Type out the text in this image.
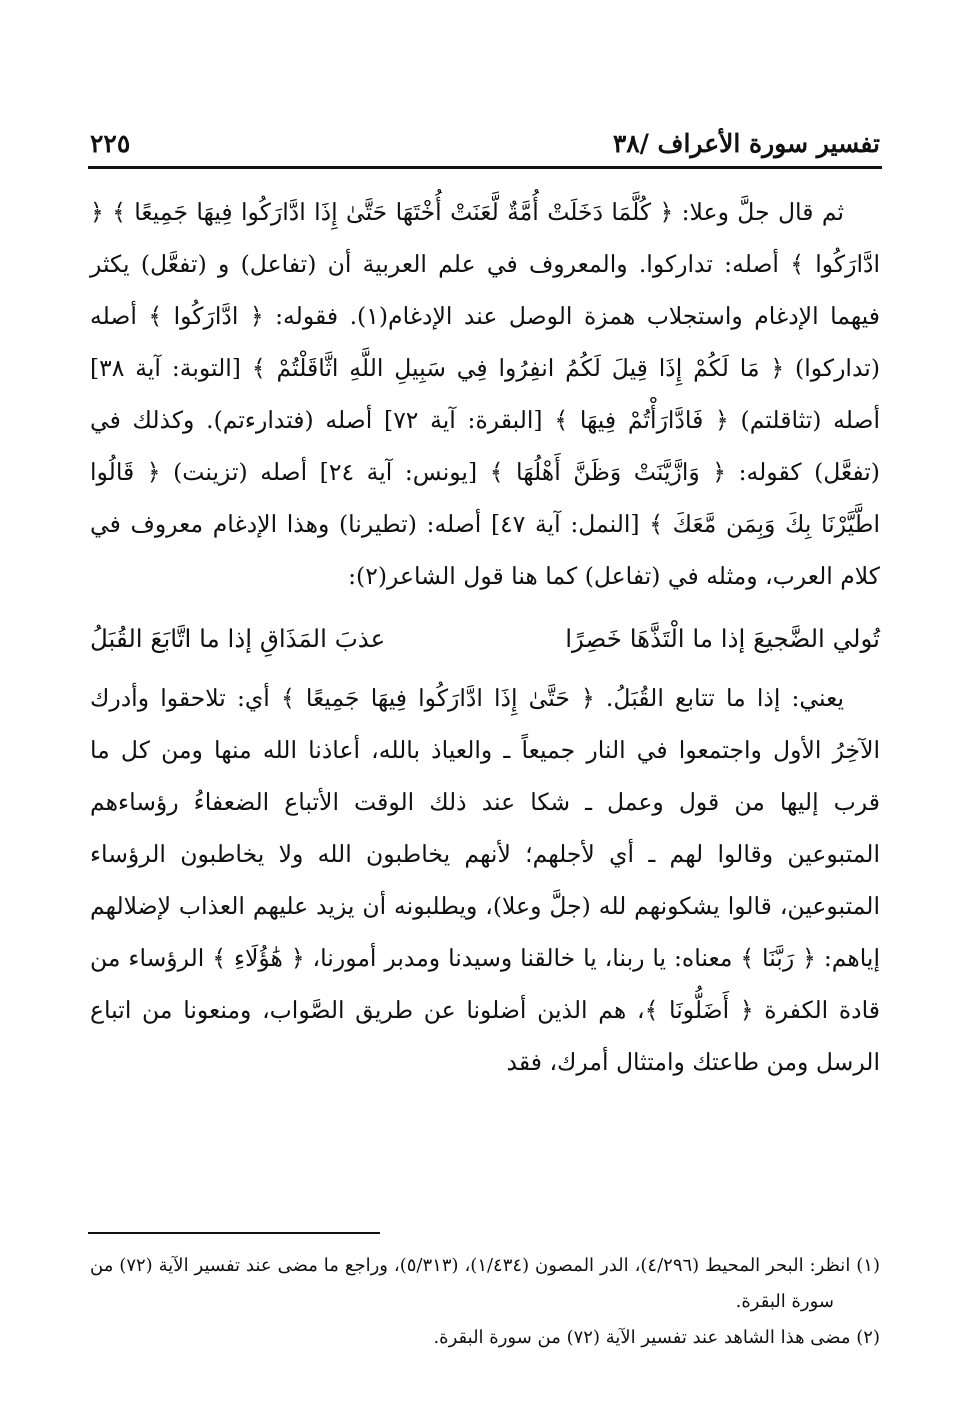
تفسير سورة الأعراف /٣٨
٢٢٥

ثم قال جلَّ وعلا: ﴿ كُلَّمَا دَخَلَتْ أُمَّةٌ لَّعَنَتْ أُخْتَهَا حَتَّىٰ إِذَا ادَّارَكُوا فِيهَا جَمِيعًا ﴾ ﴿ ادَّارَكُوا ﴾ أصله: تداركوا. والمعروف في علم العربية أن (تفاعل) و (تفعَّل) يكثر فيهما الإدغام واستجلاب همزة الوصل عند الإدغام(١). فقوله: ﴿ ادَّارَكُوا ﴾ أصله (تداركوا) ﴿ مَا لَكُمْ إِذَا قِيلَ لَكُمُ انفِرُوا فِي سَبِيلِ اللَّهِ اثَّاقَلْتُمْ ﴾ [التوبة: آية ٣٨] أصله (تثاقلتم) ﴿ فَادَّارَأْتُمْ فِيهَا ﴾ [البقرة: آية ٧٢] أصله (فتدارءتم). وكذلك في (تفعَّل) كقوله: ﴿ وَازَّيَّنَتْ وَظَنَّ أَهْلُهَا ﴾ [يونس: آية ٢٤] أصله (تزينت) ﴿ قَالُوا اطَّيَّرْنَا بِكَ وَبِمَن مَّعَكَ ﴾ [النمل: آية ٤٧] أصله: (تطيرنا) وهذا الإدغام معروف في كلام العرب، ومثله في (تفاعل) كما هنا قول الشاعر(٢):

تُولي الضَّجيعَ إذا ما الْتَذَّهَا خَصِرًا
عذبَ المَذَاقِ إذا ما اتَّابَعَ القُبَلُ

يعني: إذا ما تتابع القُبَلُ. ﴿ حَتَّىٰ إِذَا ادَّارَكُوا فِيهَا جَمِيعًا ﴾ أي: تلاحقوا وأدرك الآخِرُ الأول واجتمعوا في النار جميعاً ـ والعياذ بالله، أعاذنا الله منها ومن كل ما قرب إليها من قول وعمل ـ شكا عند ذلك الوقت الأتباع الضعفاءُ رؤساءهم المتبوعين وقالوا لهم ـ أي لأجلهم؛ لأنهم يخاطبون الله ولا يخاطبون الرؤساء المتبوعين، قالوا يشكونهم لله (جلَّ وعلا)، ويطلبونه أن يزيد عليهم العذاب لإضلالهم إياهم: ﴿ رَبَّنَا ﴾ معناه: يا ربنا، يا خالقنا وسيدنا ومدبر أمورنا، ﴿ هَٰؤُلَاءِ ﴾ الرؤساء من قادة الكفرة ﴿ أَضَلُّونَا ﴾، هم الذين أضلونا عن طريق الصَّواب، ومنعونا من اتباع الرسل ومن طاعتك وامتثال أمرك، فقد

(١) انظر: البحر المحيط (٤/٢٩٦)، الدر المصون (١/٤٣٤)، (٥/٣١٣)، وراجع ما مضى عند تفسير الآية (٧٢) من سورة البقرة.

(٢) مضى هذا الشاهد عند تفسير الآية (٧٢) من سورة البقرة.
